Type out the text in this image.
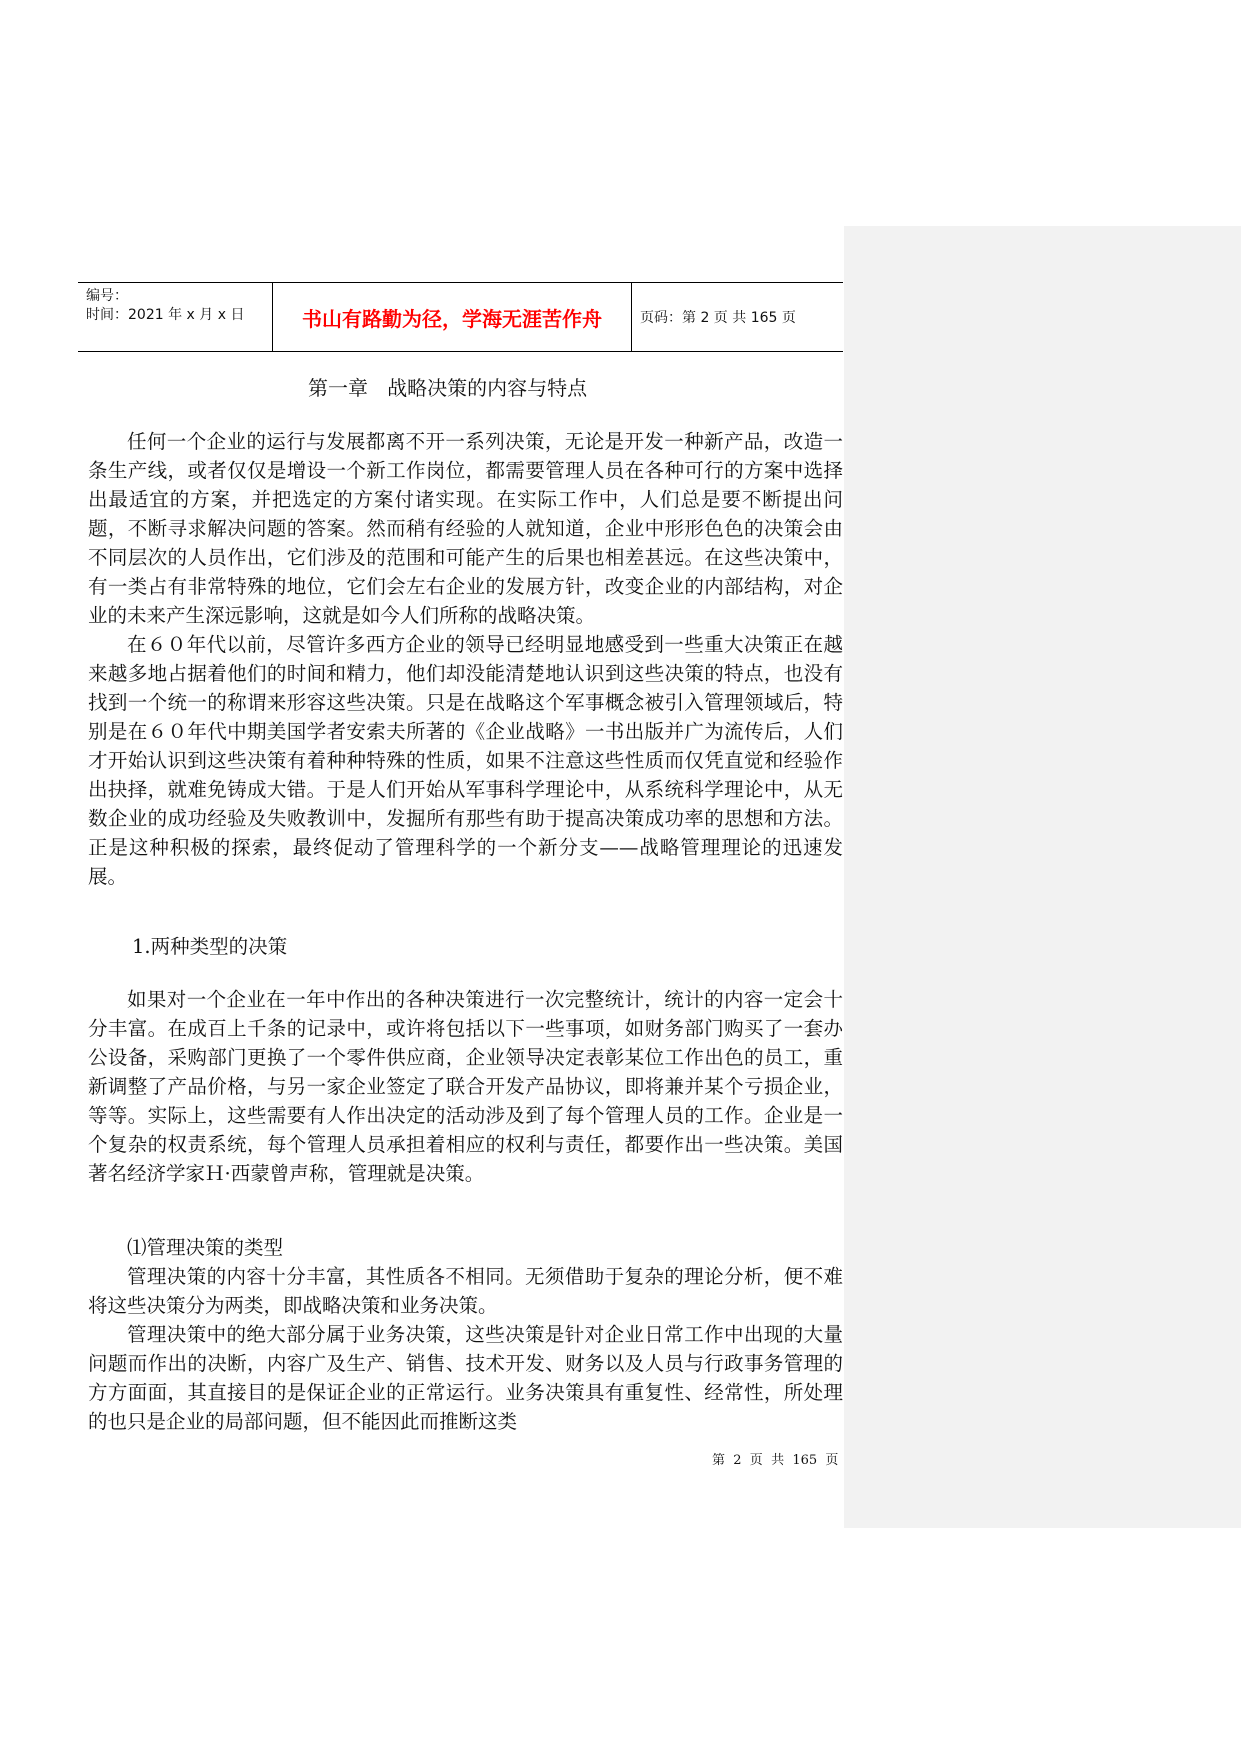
编号：
时间：2021 年 x 月 x 日	书山有路勤为径，学海无涯苦作舟	页码：第 2 页 共 165 页
第一章   战略决策的内容与特点

任何一个企业的运行与发展都离不开一系列决策，无论是开发一种新产品，改造一条生产线，或者仅仅是增设一个新工作岗位，都需要管理人员在各种可行的方案中选择出最适宜的方案，并把选定的方案付诸实现。在实际工作中，人们总是要不断提出问题，不断寻求解决问题的答案。然而稍有经验的人就知道，企业中形形色色的决策会由不同层次的人员作出，它们涉及的范围和可能产生的后果也相差甚远。在这些决策中，有一类占有非常特殊的地位，它们会左右企业的发展方针，改变企业的内部结构，对企业的未来产生深远影响，这就是如今人们所称的战略决策。

在６０年代以前，尽管许多西方企业的领导已经明显地感受到一些重大决策正在越来越多地占据着他们的时间和精力，他们却没能清楚地认识到这些决策的特点，也没有找到一个统一的称谓来形容这些决策。只是在战略这个军事概念被引入管理领域后，特别是在６０年代中期美国学者安索夫所著的《企业战略》一书出版并广为流传后，人们才开始认识到这些决策有着种种特殊的性质，如果不注意这些性质而仅凭直觉和经验作出抉择，就难免铸成大错。于是人们开始从军事科学理论中，从系统科学理论中，从无数企业的成功经验及失败教训中，发掘所有那些有助于提高决策成功率的思想和方法。正是这种积极的探索，最终促动了管理科学的一个新分支——战略管理理论的迅速发展。

1.两种类型的决策

如果对一个企业在一年中作出的各种决策进行一次完整统计，统计的内容一定会十分丰富。在成百上千条的记录中，或许将包括以下一些事项，如财务部门购买了一套办公设备，采购部门更换了一个零件供应商，企业领导决定表彰某位工作出色的员工，重新调整了产品价格，与另一家企业签定了联合开发产品协议，即将兼并某个亏损企业，等等。实际上，这些需要有人作出决定的活动涉及到了每个管理人员的工作。企业是一个复杂的权责系统，每个管理人员承担着相应的权利与责任，都要作出一些决策。美国著名经济学家Ｈ·西蒙曾声称，管理就是决策。

⑴管理决策的类型

管理决策的内容十分丰富，其性质各不相同。无须借助于复杂的理论分析，便不难将这些决策分为两类，即战略决策和业务决策。

管理决策中的绝大部分属于业务决策，这些决策是针对企业日常工作中出现的大量问题而作出的决断，内容广及生产、销售、技术开发、财务以及人员与行政事务管理的方方面面，其直接目的是保证企业的正常运行。业务决策具有重复性、经常性，所处理的也只是企业的局部问题，但不能因此而推断这类

第  2  页  共  165  页
